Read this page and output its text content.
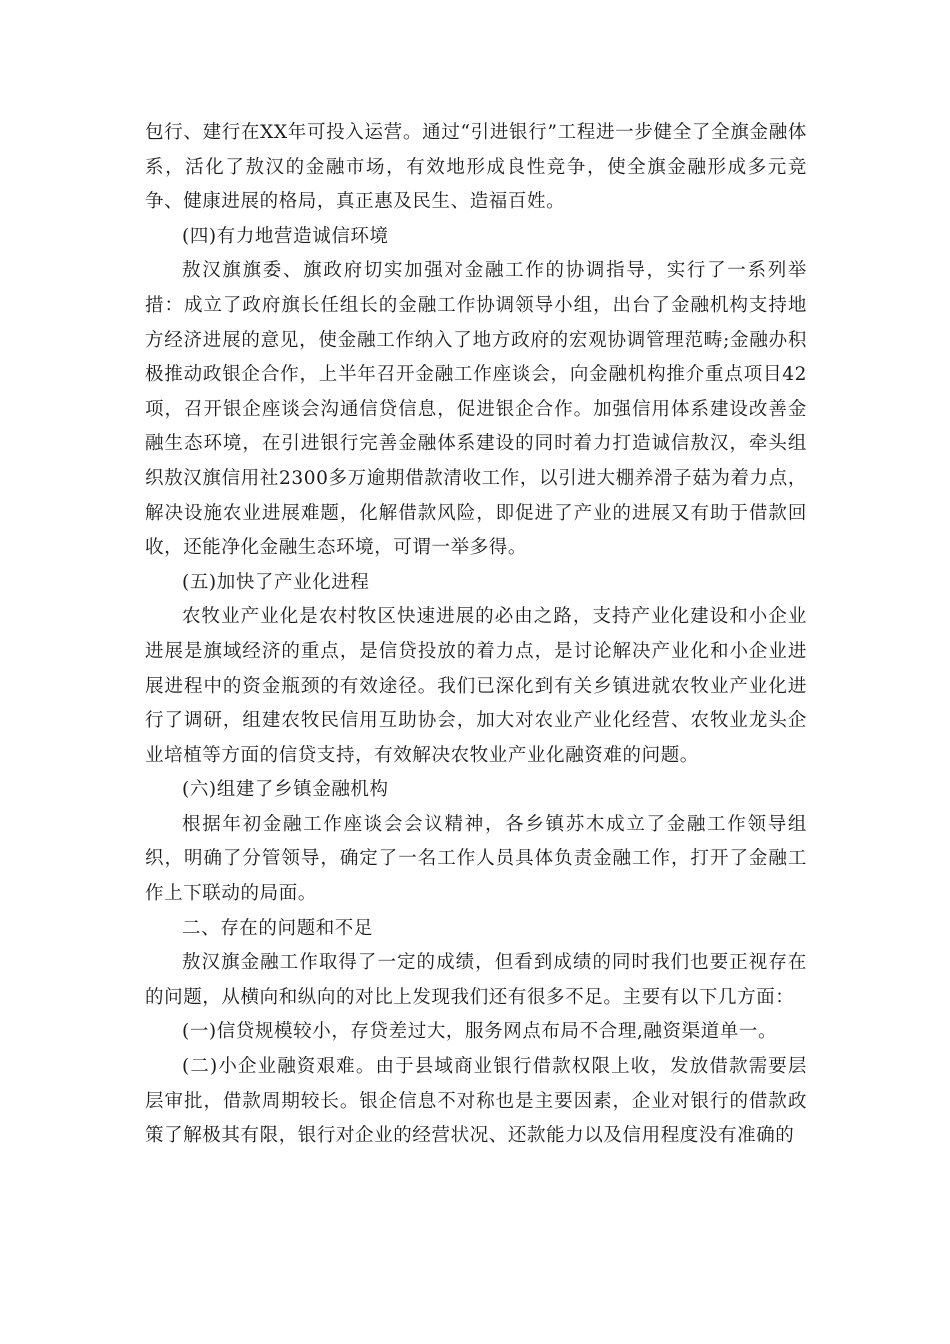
包行、建行在XX年可投入运营。通过“引进银行”工程进一步健全了全旗金融体系，活化了敖汉的金融市场，有效地形成良性竞争，使全旗金融形成多元竞争、健康进展的格局，真正惠及民生、造福百姓。

(四)有力地营造诚信环境

敖汉旗旗委、旗政府切实加强对金融工作的协调指导，实行了一系列举措：成立了政府旗长任组长的金融工作协调领导小组，出台了金融机构支持地方经济进展的意见，使金融工作纳入了地方政府的宏观协调管理范畴;金融办积极推动政银企合作，上半年召开金融工作座谈会，向金融机构推介重点项目42项，召开银企座谈会沟通信贷信息，促进银企合作。加强信用体系建设改善金融生态环境，在引进银行完善金融体系建设的同时着力打造诚信敖汉，牵头组织敖汉旗信用社2300多万逾期借款清收工作，以引进大棚养滑子菇为着力点，解决设施农业进展难题，化解借款风险，即促进了产业的进展又有助于借款回收，还能净化金融生态环境，可谓一举多得。

(五)加快了产业化进程

农牧业产业化是农村牧区快速进展的必由之路，支持产业化建设和小企业进展是旗域经济的重点，是信贷投放的着力点，是讨论解决产业化和小企业进展进程中的资金瓶颈的有效途径。我们已深化到有关乡镇进就农牧业产业化进行了调研，组建农牧民信用互助协会，加大对农业产业化经营、农牧业龙头企业培植等方面的信贷支持，有效解决农牧业产业化融资难的问题。

(六)组建了乡镇金融机构

根据年初金融工作座谈会会议精神，各乡镇苏木成立了金融工作领导组织，明确了分管领导，确定了一名工作人员具体负责金融工作，打开了金融工作上下联动的局面。

二、存在的问题和不足

敖汉旗金融工作取得了一定的成绩，但看到成绩的同时我们也要正视存在的问题，从横向和纵向的对比上发现我们还有很多不足。主要有以下几方面：

(一)信贷规模较小，存贷差过大，服务网点布局不合理,融资渠道单一。

(二)小企业融资艰难。由于县域商业银行借款权限上收，发放借款需要层层审批，借款周期较长。银企信息不对称也是主要因素，企业对银行的借款政策了解极其有限，银行对企业的经营状况、还款能力以及信用程度没有准确的
